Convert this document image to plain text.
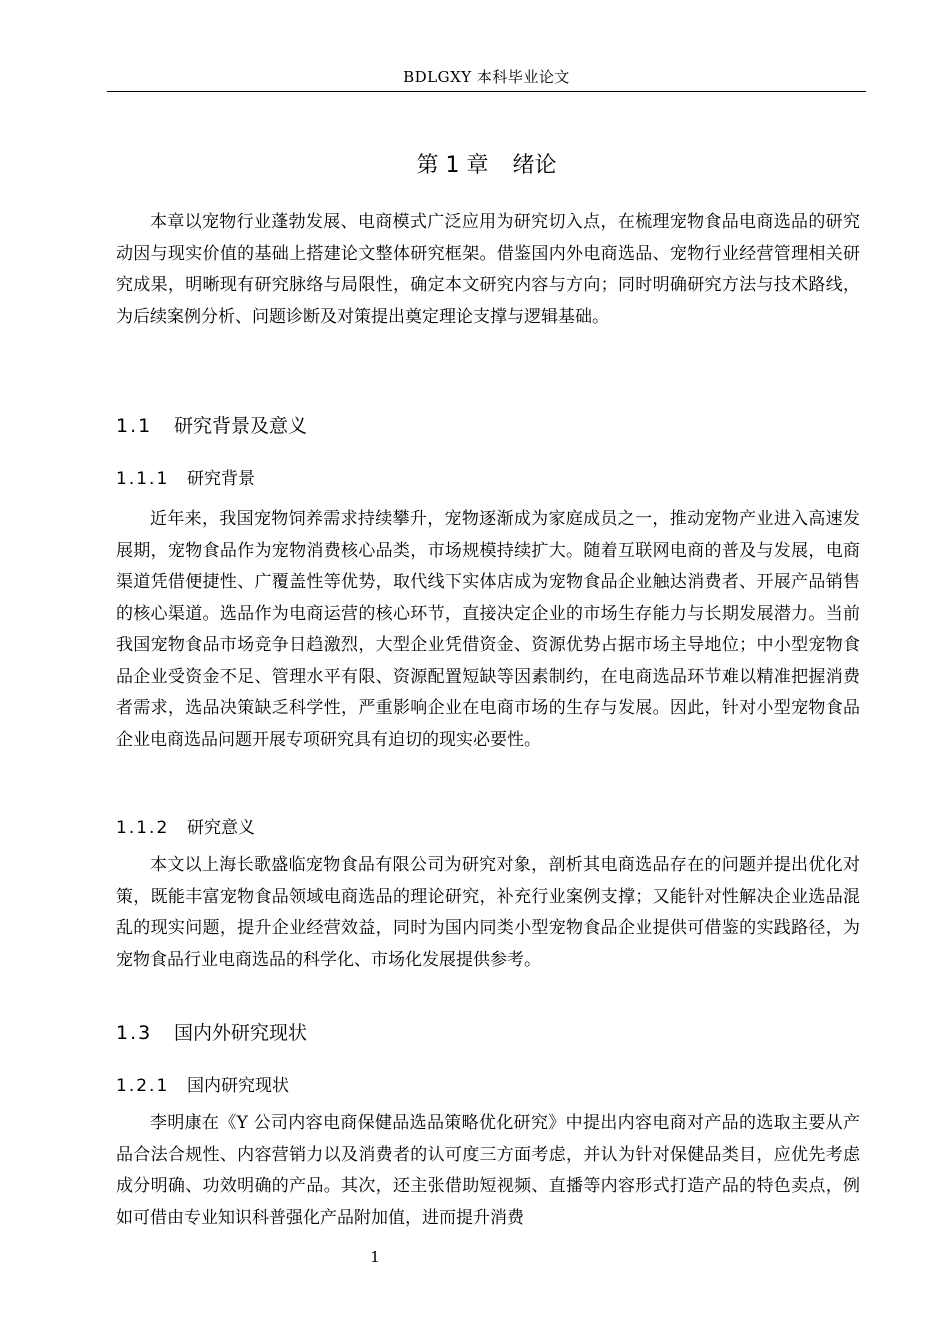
BDLGXY 本科毕业论文
第 1 章 绪论

本章以宠物行业蓬勃发展、电商模式广泛应用为研究切入点，在梳理宠物食品电商选品的研究动因与现实价值的基础上搭建论文整体研究框架。借鉴国内外电商选品、宠物行业经营管理相关研究成果，明晰现有研究脉络与局限性，确定本文研究内容与方向；同时明确研究方法与技术路线，为后续案例分析、问题诊断及对策提出奠定理论支撑与逻辑基础。

1.1 研究背景及意义
1.1.1 研究背景

近年来，我国宠物饲养需求持续攀升，宠物逐渐成为家庭成员之一，推动宠物产业进入高速发展期，宠物食品作为宠物消费核心品类，市场规模持续扩大。随着互联网电商的普及与发展，电商渠道凭借便捷性、广覆盖性等优势，取代线下实体店成为宠物食品企业触达消费者、开展产品销售的核心渠道。选品作为电商运营的核心环节，直接决定企业的市场生存能力与长期发展潜力。当前我国宠物食品市场竞争日趋激烈，大型企业凭借资金、资源优势占据市场主导地位；中小型宠物食品企业受资金不足、管理水平有限、资源配置短缺等因素制约，在电商选品环节难以精准把握消费者需求，选品决策缺乏科学性，严重影响企业在电商市场的生存与发展。因此，针对小型宠物食品企业电商选品问题开展专项研究具有迫切的现实必要性。

1.1.2 研究意义

本文以上海长歌盛临宠物食品有限公司为研究对象，剖析其电商选品存在的问题并提出优化对策，既能丰富宠物食品领域电商选品的理论研究，补充行业案例支撑；又能针对性解决企业选品混乱的现实问题，提升企业经营效益，同时为国内同类小型宠物食品企业提供可借鉴的实践路径，为宠物食品行业电商选品的科学化、市场化发展提供参考。

1.3 国内外研究现状
1.2.1 国内研究现状

李明康在《Y 公司内容电商保健品选品策略优化研究》中提出内容电商对产品的选取主要从产品合法合规性、内容营销力以及消费者的认可度三方面考虑，并认为针对保健品类目，应优先考虑成分明确、功效明确的产品。其次，还主张借助短视频、直播等内容形式打造产品的特色卖点，例如可借由专业知识科普强化产品附加值，进而提升消费

1
